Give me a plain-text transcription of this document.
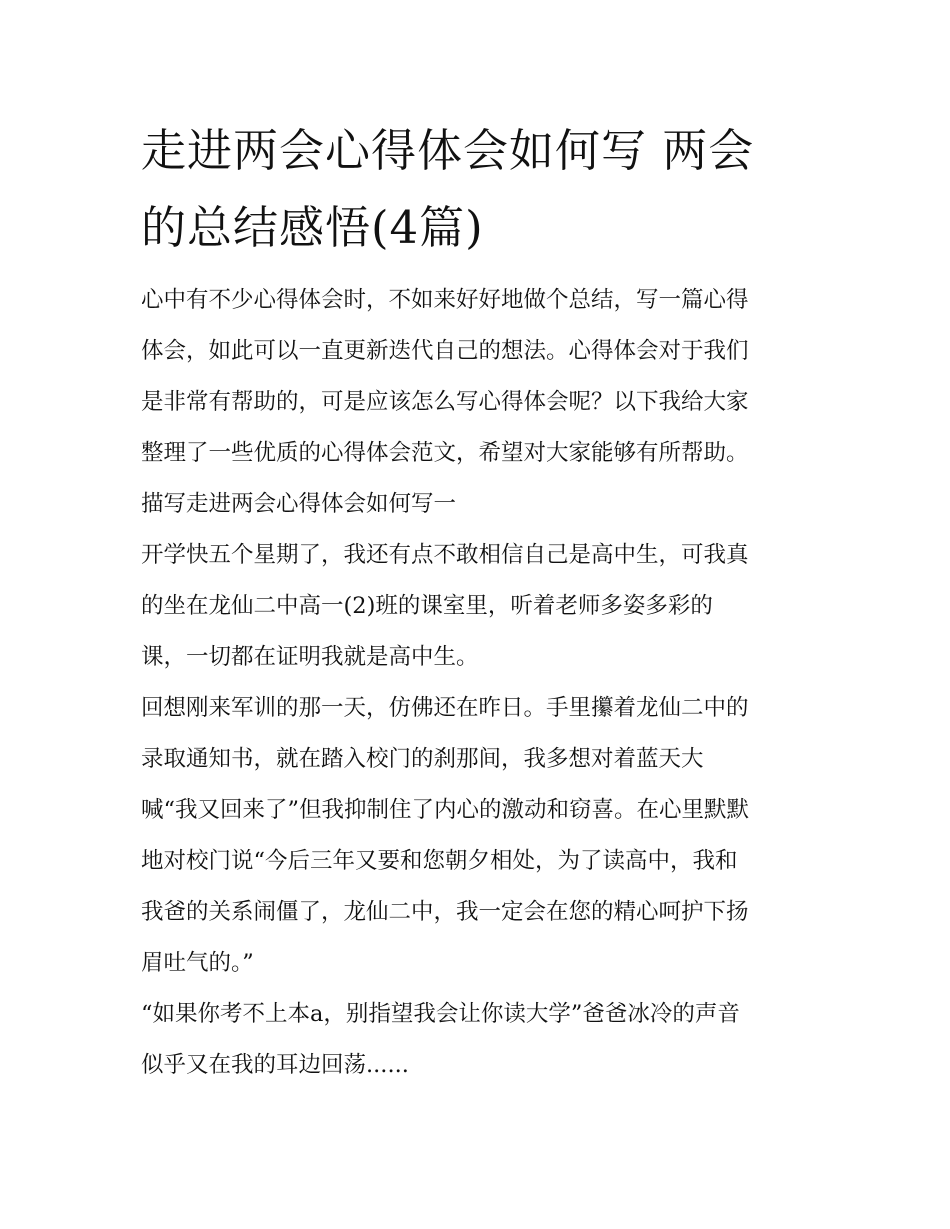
走进两会心得体会如何写 两会
的总结感悟(4篇)

心中有不少心得体会时，不如来好好地做个总结，写一篇心得
体会，如此可以一直更新迭代自己的想法。心得体会对于我们
是非常有帮助的，可是应该怎么写心得体会呢？以下我给大家
整理了一些优质的心得体会范文，希望对大家能够有所帮助。

描写走进两会心得体会如何写一

开学快五个星期了，我还有点不敢相信自己是高中生，可我真
的坐在龙仙二中高一(2)班的课室里，听着老师多姿多彩的
课，一切都在证明我就是高中生。

回想刚来军训的那一天，仿佛还在昨日。手里攥着龙仙二中的
录取通知书，就在踏入校门的刹那间，我多想对着蓝天大
喊“我又回来了”但我抑制住了内心的激动和窃喜。在心里默默
地对校门说“今后三年又要和您朝夕相处，为了读高中，我和
我爸的关系闹僵了，龙仙二中，我一定会在您的精心呵护下扬
眉吐气的。”

“如果你考不上本a，别指望我会让你读大学”爸爸冰冷的声音
似乎又在我的耳边回荡......
